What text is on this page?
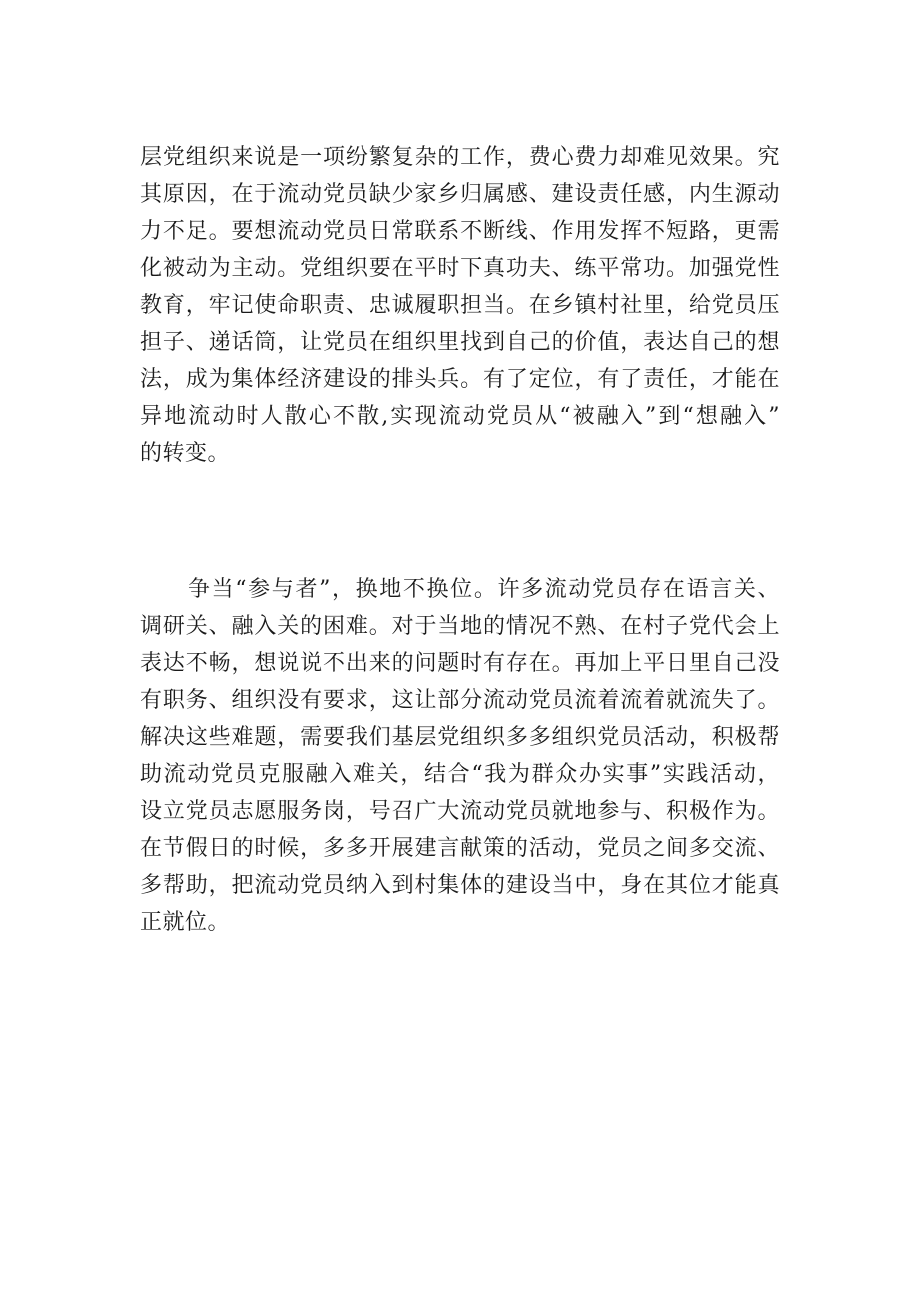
层党组织来说是一项纷繁复杂的工作，费心费力却难见效果。究
其原因，在于流动党员缺少家乡归属感、建设责任感，内生源动
力不足。要想流动党员日常联系不断线、作用发挥不短路，更需
化被动为主动。党组织要在平时下真功夫、练平常功。加强党性
教育，牢记使命职责、忠诚履职担当。在乡镇村社里，给党员压
担子、递话筒，让党员在组织里找到自己的价值，表达自己的想
法，成为集体经济建设的排头兵。有了定位，有了责任，才能在
异地流动时人散心不散,实现流动党员从“被融入”到“想融入”
的转变。
争当“参与者”，换地不换位。许多流动党员存在语言关、
调研关、融入关的困难。对于当地的情况不熟、在村子党代会上
表达不畅，想说说不出来的问题时有存在。再加上平日里自己没
有职务、组织没有要求，这让部分流动党员流着流着就流失了。
解决这些难题，需要我们基层党组织多多组织党员活动，积极帮
助流动党员克服融入难关，结合“我为群众办实事”实践活动，
设立党员志愿服务岗，号召广大流动党员就地参与、积极作为。
在节假日的时候，多多开展建言献策的活动，党员之间多交流、
多帮助，把流动党员纳入到村集体的建设当中，身在其位才能真
正就位。
